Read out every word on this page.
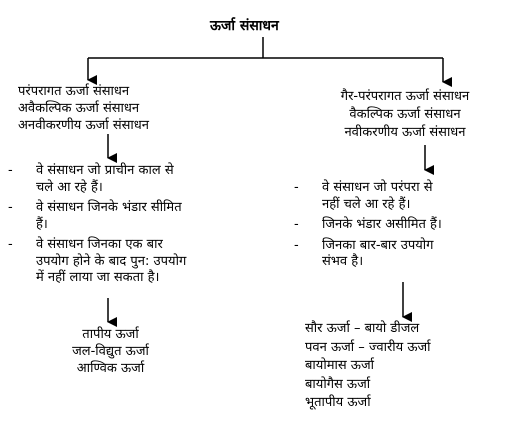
ऊर्जा संसाधन
परंपरागत ऊर्जा संसाधन
अवैकल्पिक ऊर्जा संसाधन
अनवीकरणीय ऊर्जा संसाधन
- वे संसाधन जो प्राचीन काल से
चले आ रहे हैं।
- वे संसाधन जिनके भंडार सीमित
हैं।
- वे संसाधन जिनका एक बार
उपयोग होने के बाद पुन: उपयोग
में नहीं लाया जा सकता है।
तापीय ऊर्जा
जल-विद्युत ऊर्जा
आण्विक ऊर्जा
गैर-परंपरागत ऊर्जा संसाधन
वैकल्पिक ऊर्जा संसाधन
नवीकरणीय ऊर्जा संसाधन
- वे संसाधन जो परंपरा से
नहीं चले आ रहे हैं।
- जिनके भंडार असीमित हैं।
- जिनका बार-बार उपयोग
संभव है।
सौर ऊर्जा – बायो डीजल
पवन ऊर्जा – ज्वारीय ऊर्जा
बायोमास ऊर्जा
बायोगैस ऊर्जा
भूतापीय ऊर्जा
